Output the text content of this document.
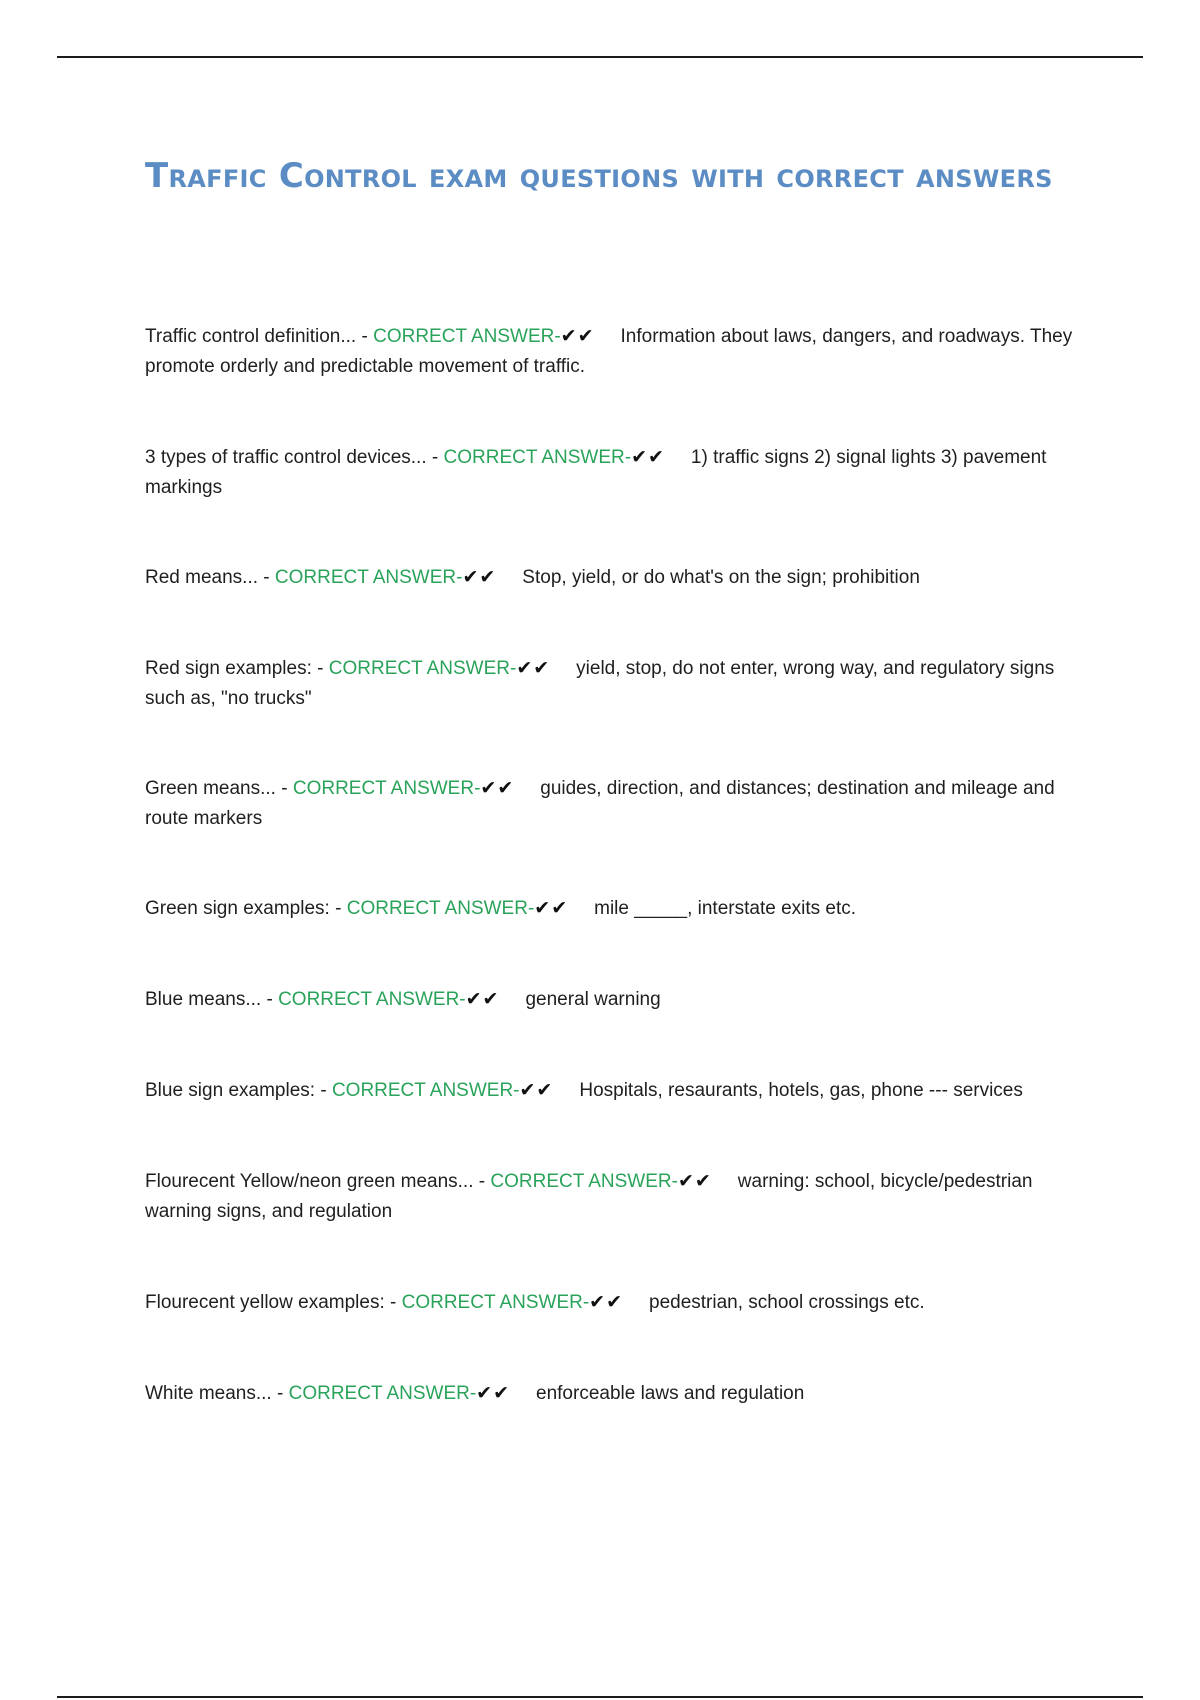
Traffic Control exam questions with correct answers

Traffic control definition... - CORRECT ANSWER-✔✔ Information about laws, dangers, and roadways. They promote orderly and predictable movement of traffic.

3 types of traffic control devices... - CORRECT ANSWER-✔✔ 1) traffic signs 2) signal lights 3) pavement markings

Red means... - CORRECT ANSWER-✔✔ Stop, yield, or do what's on the sign; prohibition

Red sign examples: - CORRECT ANSWER-✔✔ yield, stop, do not enter, wrong way, and regulatory signs such as, "no trucks"

Green means... - CORRECT ANSWER-✔✔ guides, direction, and distances; destination and mileage and route markers

Green sign examples: - CORRECT ANSWER-✔✔ mile _____, interstate exits etc.

Blue means... - CORRECT ANSWER-✔✔ general warning

Blue sign examples: - CORRECT ANSWER-✔✔ Hospitals, resaurants, hotels, gas, phone --- services

Flourecent Yellow/neon green means... - CORRECT ANSWER-✔✔ warning: school, bicycle/pedestrian warning signs, and regulation

Flourecent yellow examples: - CORRECT ANSWER-✔✔ pedestrian, school crossings etc.

White means... - CORRECT ANSWER-✔✔ enforceable laws and regulation
